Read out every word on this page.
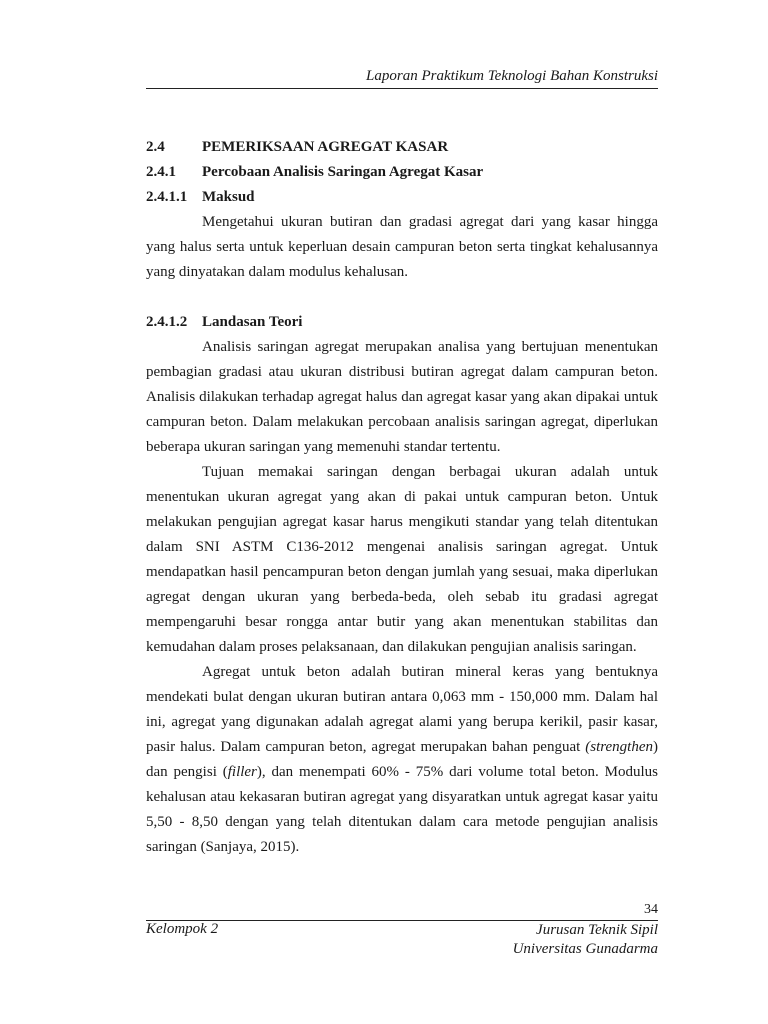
Laporan Praktikum Teknologi Bahan Konstruksi
2.4	PEMERIKSAAN AGREGAT KASAR
2.4.1	Percobaan Analisis Saringan Agregat Kasar
2.4.1.1 Maksud

Mengetahui ukuran butiran dan gradasi agregat dari yang kasar hingga yang halus serta untuk keperluan desain campuran beton serta tingkat kehalusannya yang dinyatakan dalam modulus kehalusan.

2.4.1.2 Landasan Teori

Analisis saringan agregat merupakan analisa yang bertujuan menentukan pembagian gradasi atau ukuran distribusi butiran agregat dalam campuran beton. Analisis dilakukan terhadap agregat halus dan agregat kasar yang akan dipakai untuk campuran beton. Dalam melakukan percobaan analisis saringan agregat, diperlukan beberapa ukuran saringan yang memenuhi standar tertentu.

Tujuan memakai saringan dengan berbagai ukuran adalah untuk menentukan ukuran agregat yang akan di pakai untuk campuran beton. Untuk melakukan pengujian agregat kasar harus mengikuti standar yang telah ditentukan dalam SNI ASTM C136-2012 mengenai analisis saringan agregat. Untuk mendapatkan hasil pencampuran beton dengan jumlah yang sesuai, maka diperlukan agregat dengan ukuran yang berbeda-beda, oleh sebab itu gradasi agregat mempengaruhi besar rongga antar butir yang akan menentukan stabilitas dan kemudahan dalam proses pelaksanaan, dan dilakukan pengujian analisis saringan.

Agregat untuk beton adalah butiran mineral keras yang bentuknya mendekati bulat dengan ukuran butiran antara 0,063 mm - 150,000 mm. Dalam hal ini, agregat yang digunakan adalah agregat alami yang berupa kerikil, pasir kasar, pasir halus. Dalam campuran beton, agregat merupakan bahan penguat (strengthen) dan pengisi (filler), dan menempati 60% - 75% dari volume total beton. Modulus kehalusan atau kekasaran butiran agregat yang disyaratkan untuk agregat kasar yaitu 5,50 - 8,50 dengan yang telah ditentukan dalam cara metode pengujian analisis saringan (Sanjaya, 2015).

34
Kelompok 2	Jurusan Teknik Sipil
Universitas Gunadarma
